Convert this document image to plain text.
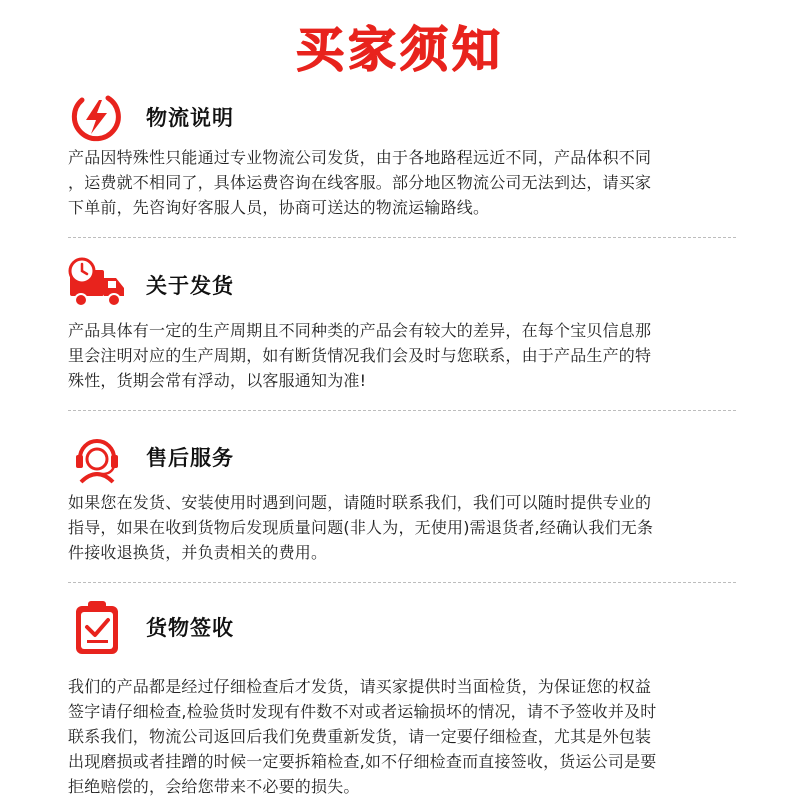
买家须知
物流说明
产品因特殊性只能通过专业物流公司发货，由于各地路程远近不同，产品体积不同
，运费就不相同了，具体运费咨询在线客服。部分地区物流公司无法到达，请买家
下单前，先咨询好客服人员，协商可送达的物流运输路线。
关于发货
产品具体有一定的生产周期且不同种类的产品会有较大的差异，在每个宝贝信息那
里会注明对应的生产周期，如有断货情况我们会及时与您联系，由于产品生产的特
殊性，货期会常有浮动，以客服通知为准!
售后服务
如果您在发货、安装使用时遇到问题，请随时联系我们，我们可以随时提供专业的
指导，如果在收到货物后发现质量问题(非人为，无使用)需退货者,经确认我们无条
件接收退换货，并负责相关的费用。
货物签收
我们的产品都是经过仔细检查后才发货，请买家提供时当面检货，为保证您的权益
签字请仔细检查,检验货时发现有件数不对或者运输损坏的情况，请不予签收并及时
联系我们，物流公司返回后我们免费重新发货，请一定要仔细检查，尤其是外包装
出现磨损或者挂蹭的时候一定要拆箱检查,如不仔细检查而直接签收，货运公司是要
拒绝赔偿的，会给您带来不必要的损失。
